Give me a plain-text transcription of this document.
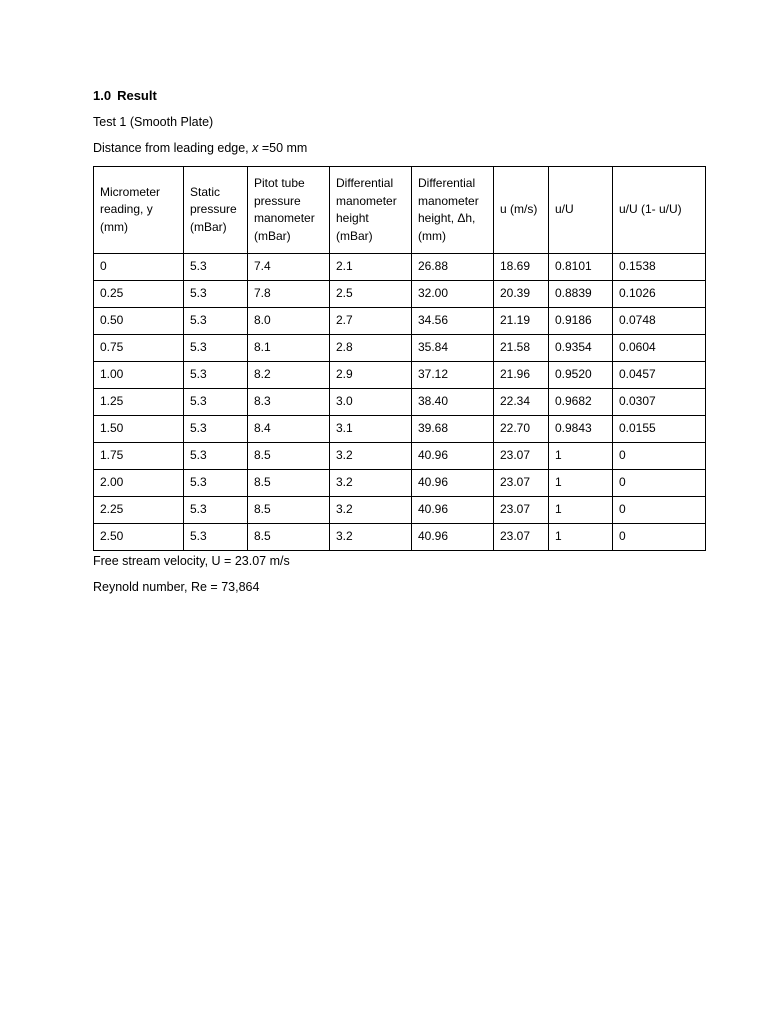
1.0 Result
Test 1 (Smooth Plate)
Distance from leading edge, x =50 mm
Micrometer reading, y (mm)	Static pressure (mBar)	Pitot tube pressure manometer (mBar)	Differential manometer height (mBar)	Differential manometer height, Δh, (mm)	u (m/s)	u/U	u/U (1- u/U)
0	5.3	7.4	2.1	26.88	18.69	0.8101	0.1538
0.25	5.3	7.8	2.5	32.00	20.39	0.8839	0.1026
0.50	5.3	8.0	2.7	34.56	21.19	0.9186	0.0748
0.75	5.3	8.1	2.8	35.84	21.58	0.9354	0.0604
1.00	5.3	8.2	2.9	37.12	21.96	0.9520	0.0457
1.25	5.3	8.3	3.0	38.40	22.34	0.9682	0.0307
1.50	5.3	8.4	3.1	39.68	22.70	0.9843	0.0155
1.75	5.3	8.5	3.2	40.96	23.07	1	0
2.00	5.3	8.5	3.2	40.96	23.07	1	0
2.25	5.3	8.5	3.2	40.96	23.07	1	0
2.50	5.3	8.5	3.2	40.96	23.07	1	0
Free stream velocity, U = 23.07 m/s
Reynold number, Re = 73,864
